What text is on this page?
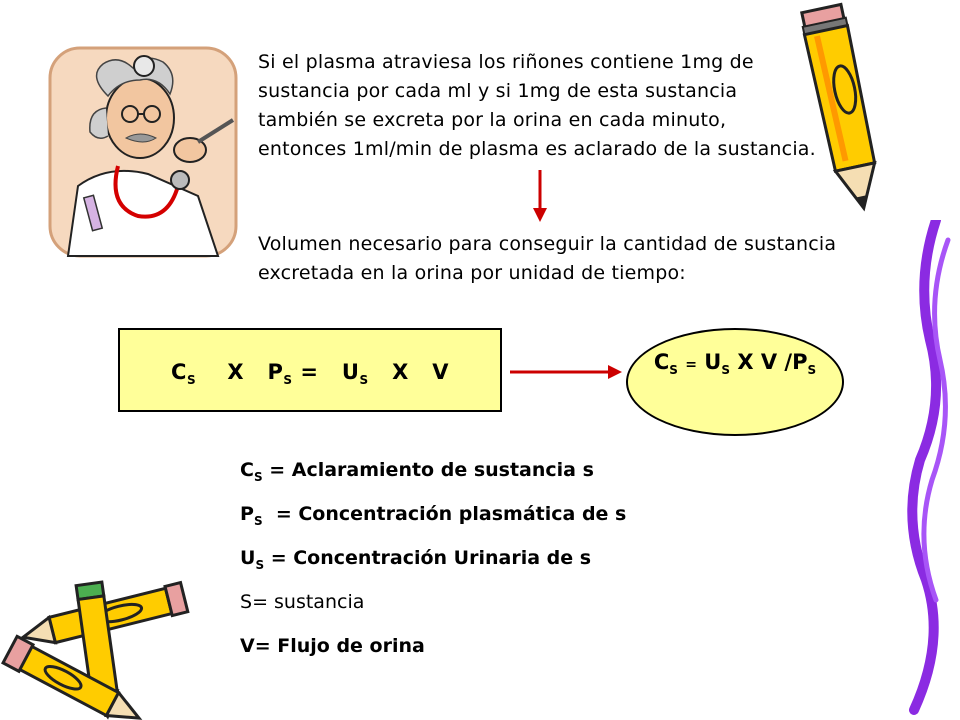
Si el plasma atraviesa los riñones contiene 1mg de sustancia por cada ml y si 1mg de esta sustancia también se excreta por la orina en cada minuto, entonces 1ml/min de plasma es aclarado de la sustancia.
Volumen necesario para conseguir la cantidad de sustancia excretada en la orina por unidad de tiempo:
$C_S$ X $P_S = U_S$ X V	$C_S = U_S$ X V $/P_S$
$C_S$ = Aclaramiento de sustancia s
$P_S$  = Concentración plasmática de s
$U_S$ = Concentración Urinaria de s
S= sustancia
V= Flujo de orina
